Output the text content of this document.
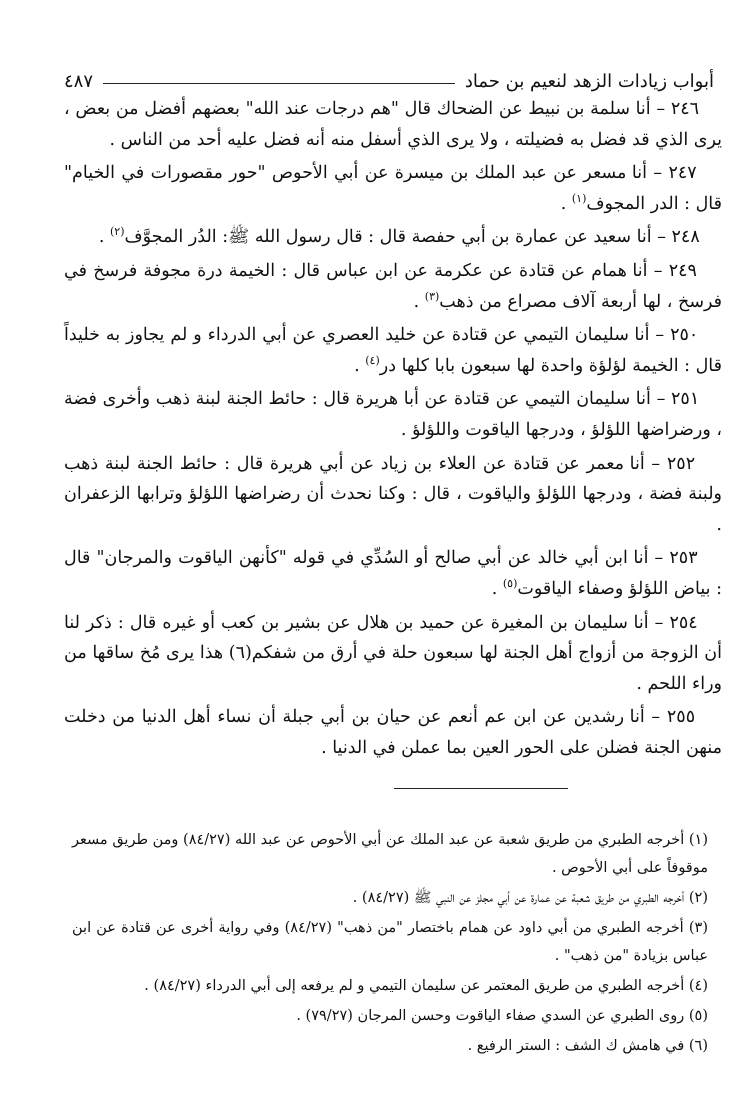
أبواب زيادات الزهد لنعيم بن حماد
٤٨٧

٢٤٦ – أنا سلمة بن نبيط عن الضحاك قال "هم درجات عند الله" بعضهم أفضل من بعض ، يرى الذي قد فضل به فضيلته ، ولا يرى الذي أسفل منه أنه فضل عليه أحد من الناس .

٢٤٧ – أنا مسعر عن عبد الملك بن ميسرة عن أبي الأحوص "حور مقصورات في الخيام" قال : الدر المجوف$^{(١)}$ .

٢٤٨ – أنا سعيد عن عمارة بن أبي حفصة قال : قال رسول الله ﷺ: الدُر المجوَّف$^{(٢)}$ .

٢٤٩ – أنا همام عن قتادة عن عكرمة عن ابن عباس قال : الخيمة درة مجوفة فرسخ في فرسخ ، لها أربعة آلاف مصراع من ذهب$^{(٣)}$ .

٢٥٠ – أنا سليمان التيمي عن قتادة عن خليد العصري عن أبي الدرداء و لم يجاوز به خليداً قال : الخيمة لؤلؤة واحدة لها سبعون بابا كلها در$^{(٤)}$ .

٢٥١ – أنا سليمان التيمي عن قتادة عن أبا هريرة قال : حائط الجنة لبنة ذهب وأخرى فضة ، ورضراضها اللؤلؤ ، ودرجها الياقوت واللؤلؤ .

٢٥٢ – أنا معمر عن قتادة عن العلاء بن زياد عن أبي هريرة قال : حائط الجنة لبنة ذهب ولبنة فضة ، ودرجها اللؤلؤ والياقوت ، قال : وكنا نحدث أن رضراضها اللؤلؤ وترابها الزعفران .

٢٥٣ – أنا ابن أبي خالد عن أبي صالح أو السُدِّي في قوله "كأنهن الياقوت والمرجان" قال : بياض اللؤلؤ وصفاء الياقوت$^{(٥)}$ .

٢٥٤ – أنا سليمان بن المغيرة عن حميد بن هلال عن بشير بن كعب أو غيره قال : ذكر لنا أن الزوجة من أزواج أهل الجنة لها سبعون حلة في أرق من شفكم(٦) هذا يرى مُخ ساقها من وراء اللحم .

٢٥٥ – أنا رشدين عن ابن عم أنعم عن حيان بن أبي جبلة أن نساء أهل الدنيا من دخلت منهن الجنة فضلن على الحور العين بما عملن في الدنيا .

(١) أخرجه الطبري من طريق شعبة عن عبد الملك عن أبي الأحوص عن عبد الله (٨٤/٢٧) ومن طريق مسعر موقوفاً على أبي الأحوص .

(٢) أخرجه الطبري من طريق شعبة عن عمارة عن أبي مجلز عن النبي ﷺ (٨٤/٢٧) .

(٣) أخرجه الطبري من أبي داود عن همام باختصار "من ذهب" (٨٤/٢٧) وفي رواية أخرى عن قتادة عن ابن عباس بزيادة "من ذهب" .

(٤) أخرجه الطبري من طريق المعتمر عن سليمان التيمي و لم يرفعه إلى أبي الدرداء (٨٤/٢٧) .

(٥) روى الطبري عن السدي صفاء الياقوت وحسن المرجان (٧٩/٢٧) .

(٦) في هامش ك الشف : الستر الرفيع .
